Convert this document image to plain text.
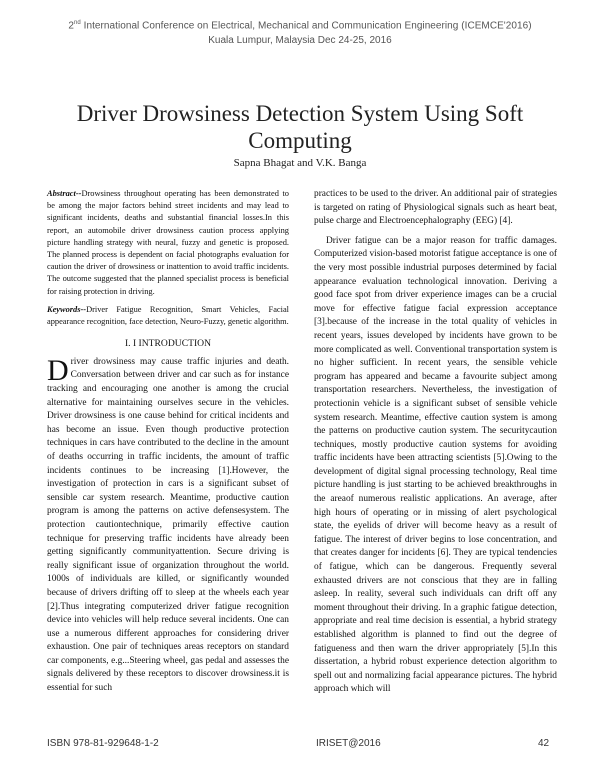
2nd International Conference on Electrical, Mechanical and Communication Engineering (ICEMCE'2016)
Kuala Lumpur, Malaysia Dec 24-25, 2016
Driver Drowsiness Detection System Using Soft
Computing
Sapna Bhagat and V.K. Banga

Abstract--Drowsiness throughout operating has been demonstrated to be among the major factors behind street incidents and may lead to significant incidents, deaths and substantial financial losses.In this report, an automobile driver drowsiness caution process applying picture handling strategy with neural, fuzzy and genetic is proposed. The planned process is dependent on facial photographs evaluation for caution the driver of drowsiness or inattention to avoid traffic incidents. The outcome suggested that the planned specialist process is beneficial for raising protection in driving.

Keywords--Driver Fatigue Recognition, Smart Vehicles, Facial appearance recognition, face detection, Neuro-Fuzzy, genetic algorithm.

I. I INTRODUCTION

Driver drowsiness may cause traffic injuries and death. Conversation between driver and car such as for instance tracking and encouraging one another is among the crucial alternative for maintaining ourselves secure in the vehicles. Driver drowsiness is one cause behind for critical incidents and has become an issue. Even though productive protection techniques in cars have contributed to the decline in the amount of deaths occurring in traffic incidents, the amount of traffic incidents continues to be increasing [1].However, the investigation of protection in cars is a significant subset of sensible car system research. Meantime, productive caution program is among the patterns on active defensesystem. The protection cautiontechnique, primarily effective caution technique for preserving traffic incidents have already been getting significantly communityattention. Secure driving is really significant issue of organization throughout the world. 1000s of individuals are killed, or significantly wounded because of drivers drifting off to sleep at the wheels each year [2].Thus integrating computerized driver fatigue recognition device into vehicles will help reduce several incidents. One can use a numerous different approaches for considering driver exhaustion. One pair of techniques areas receptors on standard car components, e.g...Steering wheel, gas pedal and assesses the signals delivered by these receptors to discover drowsiness.it is essential for such

practices to be used to the driver. An additional pair of strategies is targeted on rating of Physiological signals such as heart beat, pulse charge and Electroencephalography (EEG) [4].

Driver fatigue can be a major reason for traffic damages. Computerized vision-based motorist fatigue acceptance is one of the very most possible industrial purposes determined by facial appearance evaluation technological innovation. Deriving a good face spot from driver experience images can be a crucial move for effective fatigue facial expression acceptance [3].because of the increase in the total quality of vehicles in recent years, issues developed by incidents have grown to be more complicated as well. Conventional transportation system is no higher sufficient. In recent years, the sensible vehicle program has appeared and became a favourite subject among transportation researchers. Nevertheless, the investigation of protectionin vehicle is a significant subset of sensible vehicle system research. Meantime, effective caution system is among the patterns on productive caution system. The securitycaution techniques, mostly productive caution systems for avoiding traffic incidents have been attracting scientists [5].Owing to the development of digital signal processing technology, Real time picture handling is just starting to be achieved breakthroughs in the areaof numerous realistic applications. An average, after high hours of operating or in missing of alert psychological state, the eyelids of driver will become heavy as a result of fatigue. The interest of driver begins to lose concentration, and that creates danger for incidents [6]. They are typical tendencies of fatigue, which can be dangerous. Frequently several exhausted drivers are not conscious that they are in falling asleep. In reality, several such individuals can drift off any moment throughout their driving. In a graphic fatigue detection, appropriate and real time decision is essential, a hybrid strategy established algorithm is planned to find out the degree of fatigueness and then warn the driver appropriately [5].In this dissertation, a hybrid robust experience detection algorithm to spell out and normalizing facial appearance pictures. The hybrid approach which will

ISBN 978-81-929648-1-2	IRISET@2016	42
